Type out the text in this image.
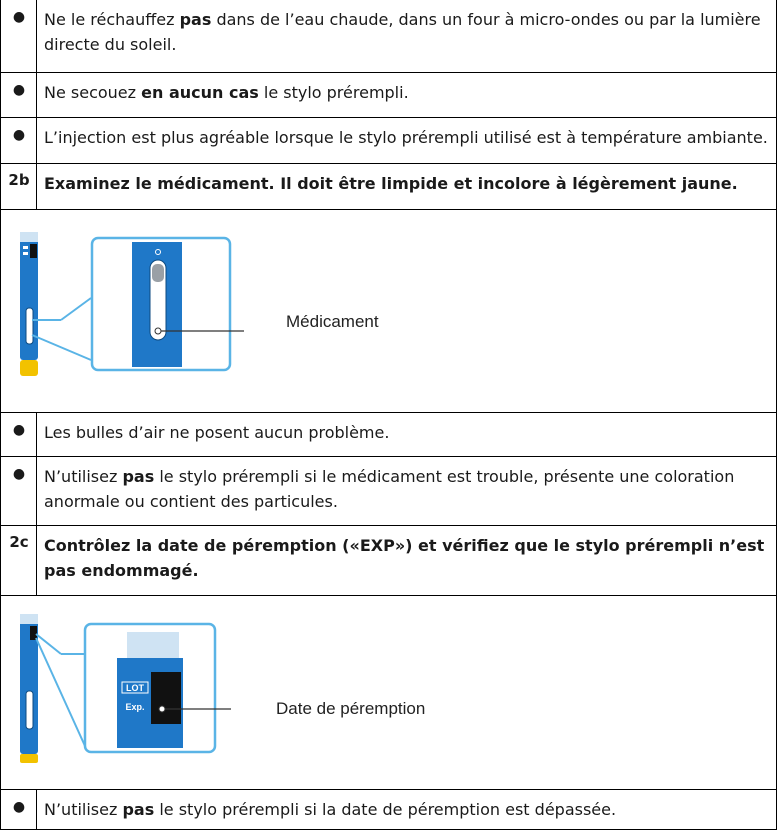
●	Ne le réchauffez pas dans de l’eau chaude, dans un four à micro-ondes ou par la lumière directe du soleil.
●	Ne secouez en aucun cas le stylo prérempli.
●	L’injection est plus agréable lorsque le stylo prérempli utilisé est à température ambiante.
2b Examinez le médicament. Il doit être limpide et incolore à légèrement jaune.
Médicament
●	Les bulles d’air ne posent aucun problème.
●	N’utilisez pas le stylo prérempli si le médicament est trouble, présente une coloration anormale ou contient des particules.
2c Contrôlez la date de péremption («EXP») et vérifiez que le stylo prérempli n’est pas endommagé.
LOT
Exp.	Date de péremption
●	N’utilisez pas le stylo prérempli si la date de péremption est dépassée.
